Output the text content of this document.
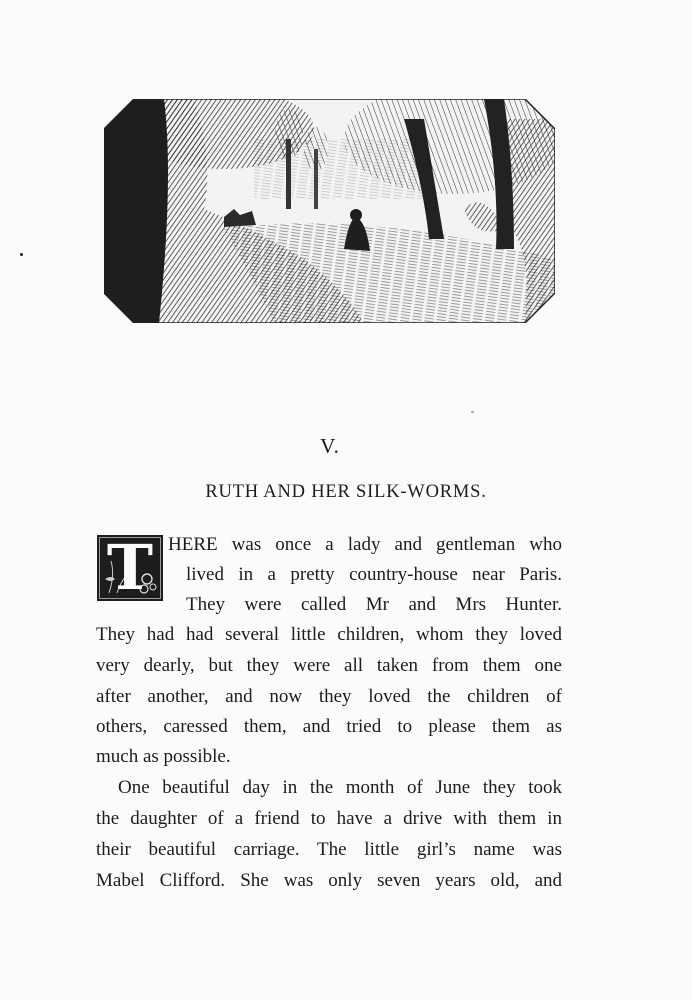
V.
RUTH AND HER SILK-WORMS.
T HERE was once a lady and gentleman who
lived in a pretty country-house near Paris.
They were called Mr and Mrs Hunter.
They had had several little children, whom they loved
very dearly, but they were all taken from them one
after another, and now they loved the children of
others, caressed them, and tried to please them as
much as possible.
One beautiful day in the month of June they took
the daughter of a friend to have a drive with them in
their beautiful carriage. The little girl’s name was
Mabel Clifford. She was only seven years old, and
